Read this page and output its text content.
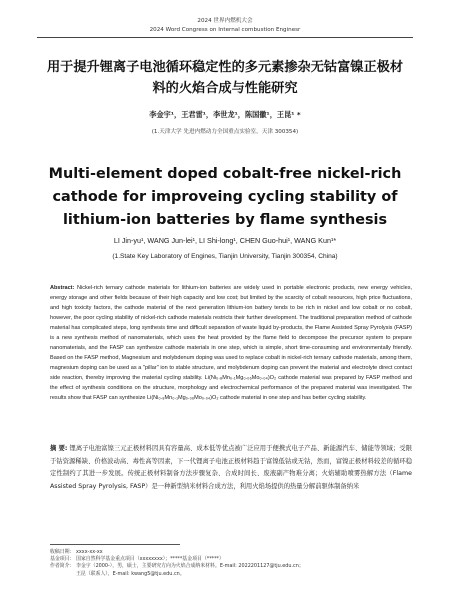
2024 世界内燃机大会
2024 Word Congress on Internal combustion Enginesr
用于提升锂离子电池循环稳定性的多元素掺杂无钴富镍正极材
料的火焰合成与性能研究
李金宇¹，王君雷¹，李世龙¹，陈国徽¹，王昆¹ *
(1.天津大学 先进内燃动力全国重点实验室，天津 300354)
Multi-element doped cobalt-free nickel-rich
cathode for improveing cycling stability of
lithium-ion batteries by flame synthesis
LI Jin-yu¹, WANG Jun-lei¹, LI Shi-long¹, CHEN Guo-hui¹, WANG Kun¹*
(1.State Key Laboratory of Engines, Tianjin University, Tianjin 300354, China)
Abstract: Nickel-rich ternary cathode materials for lithium-ion batteries are widely used in portable electronic products, new energy vehicles, energy storage and other fields because of their high capacity and low cost; but limited by the scarcity of cobalt resources, high price fluctuations, and high toxicity factors, the cathode material of the next generation lithium-ion battery tends to be rich in nickel and low cobalt or no cobalt, however, the poor cycling stability of nickel-rich cathode materials restricts their further development. The traditional preparation method of cathode material has complicated steps, long synthesis time and difficult separation of waste liquid by-products, the Flame Assisted Spray Pyrolysis (FASP) is a new synthesis method of nanomaterials, which uses the heat provided by the flame field to decompose the precursor system to prepare nanomaterials, and the FASP can synthesize cathode materials in one step, which is simple, short time-consuming and environmentally friendly. Based on the FASP method, Magnesium and molybdenum doping was used to replace cobalt in nickel-rich ternary cathode materials, among them, magnesium doping can be used as a "pillar" ion to stable structure, and molybdenum doping can prevent the material and electrolyte direct contact side reaction, thereby improving the material cycling stability. Li(Ni₀.₈Mn₀.₁Mg₀.₀₆Mo₀.₀₄)O₂ cathode material was prepared by FASP method and the effect of synthesis conditions on the structure, morphology and electrochemical performance of the prepared material was investigated. The results show that FASP can synthesize Li(Ni₀.₈Mn₀.₁Mg₀.₀₆Mo₀.₀₄)O₂ cathode material in one step and has better cycling stability.
摘 要: 锂离子电池富镍三元正极材料因具有容量高、成本低等优点被广泛应用于便携式电子产品、新能源汽车、储能等领域；受限于钴资源稀缺、价格波动高、毒性高等因素，下一代锂离子电池正极材料趋于富镍低钴或无钴，然而，富镍正极材料较差的循环稳定性制约了其进一步发展。传统正极材料制备方法步骤复杂、合成时间长、废液副产物难分离；火焰辅助喷雾热解方法（Flame Assisted Spray Pyrolysis, FASP）是一种新型纳米材料合成方法，利用火焰场提供的热量分解前驱体制备纳米
收稿日期： xxxx-xx-xx
基金项目： 国家自然科学基金重点项目（xxxxxxxx）；*****基金项目（*****）
作者简介： 李金宇（2000-），男，硕士，主要研究方向为火焰合成纳米材料。E-mail: 2022201127@tju.edu.cn；
王昆（联系人），E-mail: kwang5@tju.edu.cn。
